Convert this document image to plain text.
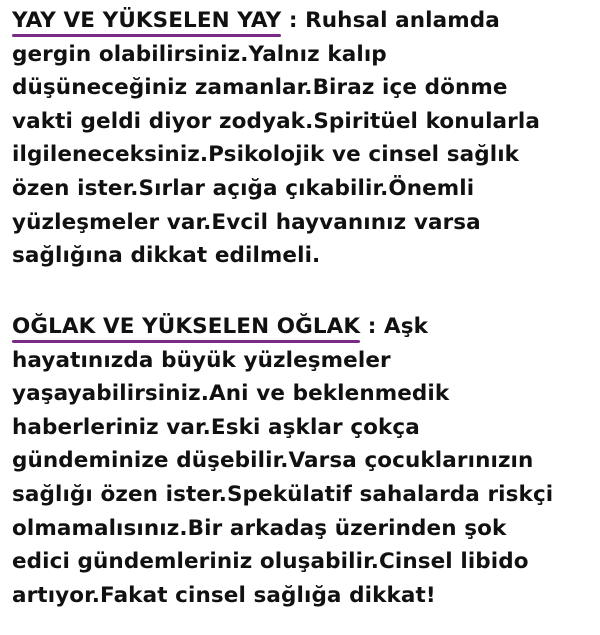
YAY VE YÜKSELEN YAY
: Ruhsal anlamda
gergin olabilirsiniz.Yalnız kalıp
düşüneceğiniz zamanlar.Biraz içe dönme
vakti geldi diyor zodyak.Spiritüel konularla
ilgileneceksiniz.Psikolojik ve cinsel sağlık
özen ister.Sırlar açığa çıkabilir.Önemli
yüzleşmeler var.Evcil hayvanınız varsa
sağlığına dikkat edilmeli.

OĞLAK VE YÜKSELEN OĞLAK
: Aşk
hayatınızda büyük yüzleşmeler
yaşayabilirsiniz.Ani ve beklenmedik
haberleriniz var.Eski aşklar çokça
gündeminize düşebilir.Varsa çocuklarınızın
sağlığı özen ister.Spekülatif sahalarda riskçi
olmamalısınız.Bir arkadaş üzerinden şok
edici gündemleriniz oluşabilir.Cinsel libido
artıyor.Fakat cinsel sağlığa dikkat!
